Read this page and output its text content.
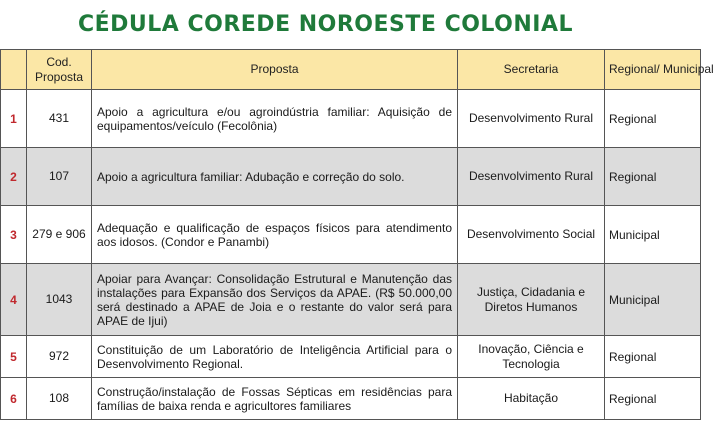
CÉDULA COREDE NOROESTE COLONIAL
	Cod. Proposta	Proposta	Secretaria	Regional/ Municipal
1	431	Apoio a agricultura e/ou agroindústria familiar: Aquisição de equipamentos/veículo (Fecolônia)	Desenvolvimento Rural	Regional
2	107	Apoio a agricultura familiar: Adubação e correção do solo.	Desenvolvimento Rural	Regional
3	279 e 906	Adequação e qualificação de espaços físicos para atendimento aos idosos. (Condor e Panambi)	Desenvolvimento Social	Municipal
4	1043	Apoiar para Avançar: Consolidação Estrutural e Manutenção das instalações para Expansão dos Serviços da APAE. (R$ 50.000,00 será destinado a APAE de Joia e o restante do valor será para APAE de Ijui)	Justiça, Cidadania e Diretos Humanos	Municipal
5	972	Constituição de um Laboratório de Inteligência Artificial para o Desenvolvimento Regional.	Inovação, Ciência e Tecnologia	Regional
6	108	Construção/instalação de Fossas Sépticas em residências para famílias de baixa renda e agricultores familiares	Habitação	Regional
